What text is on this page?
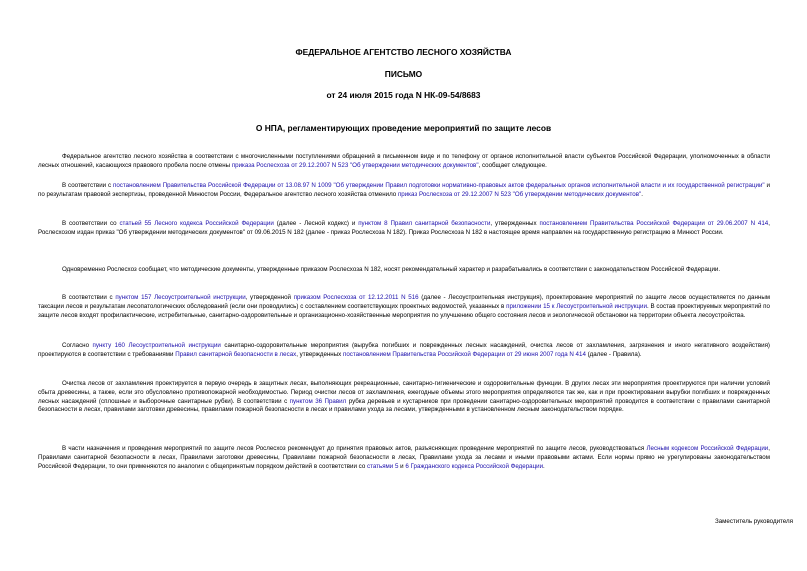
ФЕДЕРАЛЬНОЕ АГЕНТСТВО ЛЕСНОГО ХОЗЯЙСТВА
ПИСЬМО
от 24 июля 2015 года N НК-09-54/8683
О НПА, регламентирующих проведение мероприятий по защите лесов
Федеральное агентство лесного хозяйства в соответствии с многочисленными поступлениями обращений в письменном виде и по телефону от органов исполнительной власти субъектов Российской Федерации, уполномоченных в области лесных отношений, касающихся правового пробела после отмены приказа Рослесхоза от 29.12.2007 N 523 "Об утверждении методических документов", сообщает следующее.
В соответствии с постановлением Правительства Российской Федерации от 13.08.97 N 1009 "Об утверждении Правил подготовки нормативно-правовых актов федеральных органов исполнительной власти и их государственной регистрации" и по результатам правовой экспертизы, проведенной Минюстом России, Федеральное агентство лесного хозяйства отменило приказ Рослесхоза от 29.12.2007 N 523 "Об утверждении методических документов".
В соответствии со статьей 55 Лесного кодекса Российской Федерации (далее - Лесной кодекс) и пунктом 8 Правил санитарной безопасности, утвержденных постановлением Правительства Российской Федерации от 29.06.2007 N 414, Рослесхозом издан приказ "Об утверждении методических документов" от 09.06.2015 N 182 (далее - приказ Рослесхоза N 182). Приказ Рослесхоза N 182 в настоящее время направлен на государственную регистрацию в Минюст России.
Одновременно Рослесхоз сообщает, что методические документы, утвержденные приказом Рослесхоза N 182, носят рекомендательный характер и разрабатывались в соответствии с законодательством Российской Федерации.
В соответствии с пунктом 157 Лесоустроительной инструкции, утвержденной приказом Рослесхоза от 12.12.2011 N 516 (далее - Лесоустроительная инструкция), проектирование мероприятий по защите лесов осуществляется по данным таксации лесов и результатам лесопатологических обследований (если они проводились) с составлением соответствующих проектных ведомостей, указанных в приложении 15 к Лесоустроительной инструкции. В состав проектируемых мероприятий по защите лесов входят профилактические, истребительные, санитарно-оздоровительные и организационно-хозяйственные мероприятия по улучшению общего состояния лесов и экологической обстановки на территории объекта лесоустройства.
Согласно пункту 160 Лесоустроительной инструкции санитарно-оздоровительные мероприятия (вырубка погибших и поврежденных лесных насаждений, очистка лесов от захламления, загрязнения и иного негативного воздействия) проектируются в соответствии с требованиями Правил санитарной безопасности в лесах, утвержденных постановлением Правительства Российской Федерации от 29 июня 2007 года N 414 (далее - Правила).
Очистка лесов от захламления проектируется в первую очередь в защитных лесах, выполняющих рекреационные, санитарно-гигиенические и оздоровительные функции. В других лесах эти мероприятия проектируются при наличии условий сбыта древесины, а также, если это обусловлено противопожарной необходимостью. Период очистки лесов от захламления, ежегодные объемы этого мероприятия определяются так же, как и при проектировании вырубки погибших и поврежденных лесных насаждений (сплошные и выборочные санитарные рубки). В соответствии с пунктом 36 Правил рубка деревьев и кустарников при проведении санитарно-оздоровительных мероприятий проводится в соответствии с правилами санитарной безопасности в лесах, правилами заготовки древесины, правилами пожарной безопасности в лесах и правилами ухода за лесами, утвержденными в установленном лесным законодательством порядке.
В части назначения и проведения мероприятий по защите лесов Рослесхоз рекомендует до принятия правовых актов, разъясняющих проведение мероприятий по защите лесов, руководствоваться Лесным кодексом Российской Федерации, Правилами санитарной безопасности в лесах, Правилами заготовки древесины, Правилами пожарной безопасности в лесах, Правилами ухода за лесами и иными правовыми актами. Если нормы прямо не урегулированы законодательством Российской Федерации, то они применяются по аналогии с общепринятым порядком действий в соответствии со статьями 5 и 6 Гражданского кодекса Российской Федерации.
Заместитель руководителя
